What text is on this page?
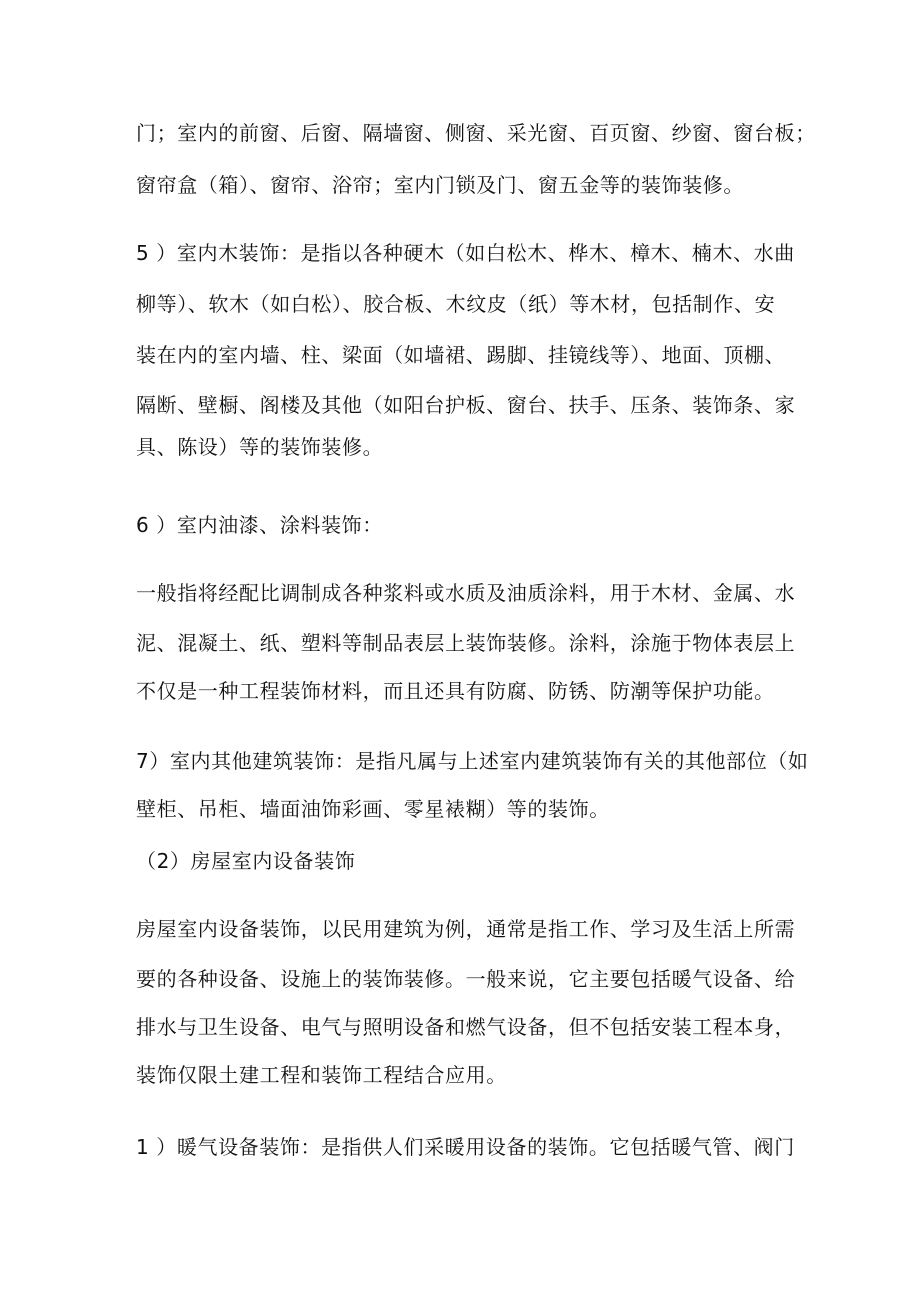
门；室内的前窗、后窗、隔墙窗、侧窗、采光窗、百页窗、纱窗、窗台板；
窗帘盒（箱）、窗帘、浴帘；室内门锁及门、窗五金等的装饰装修。
5 ）室内木装饰：是指以各种硬木（如白松木、桦木、樟木、楠木、水曲
柳等）、软木（如白松）、胶合板、木纹皮（纸）等木材，包括制作、安
装在内的室内墙、柱、梁面（如墙裙、踢脚、挂镜线等）、地面、顶棚、
隔断、壁橱、阁楼及其他（如阳台护板、窗台、扶手、压条、装饰条、家
具、陈设）等的装饰装修。
6 ）室内油漆、涂料装饰：
一般指将经配比调制成各种浆料或水质及油质涂料，用于木材、金属、水
泥、混凝土、纸、塑料等制品表层上装饰装修。涂料，涂施于物体表层上
不仅是一种工程装饰材料，而且还具有防腐、防锈、防潮等保护功能。
7）室内其他建筑装饰：是指凡属与上述室内建筑装饰有关的其他部位（如
壁柜、吊柜、墙面油饰彩画、零星裱糊）等的装饰。
（2）房屋室内设备装饰
房屋室内设备装饰，以民用建筑为例，通常是指工作、学习及生活上所需
要的各种设备、设施上的装饰装修。一般来说，它主要包括暖气设备、给
排水与卫生设备、电气与照明设备和燃气设备，但不包括安装工程本身，
装饰仅限土建工程和装饰工程结合应用。
1 ）暖气设备装饰：是指供人们采暖用设备的装饰。它包括暖气管、阀门
